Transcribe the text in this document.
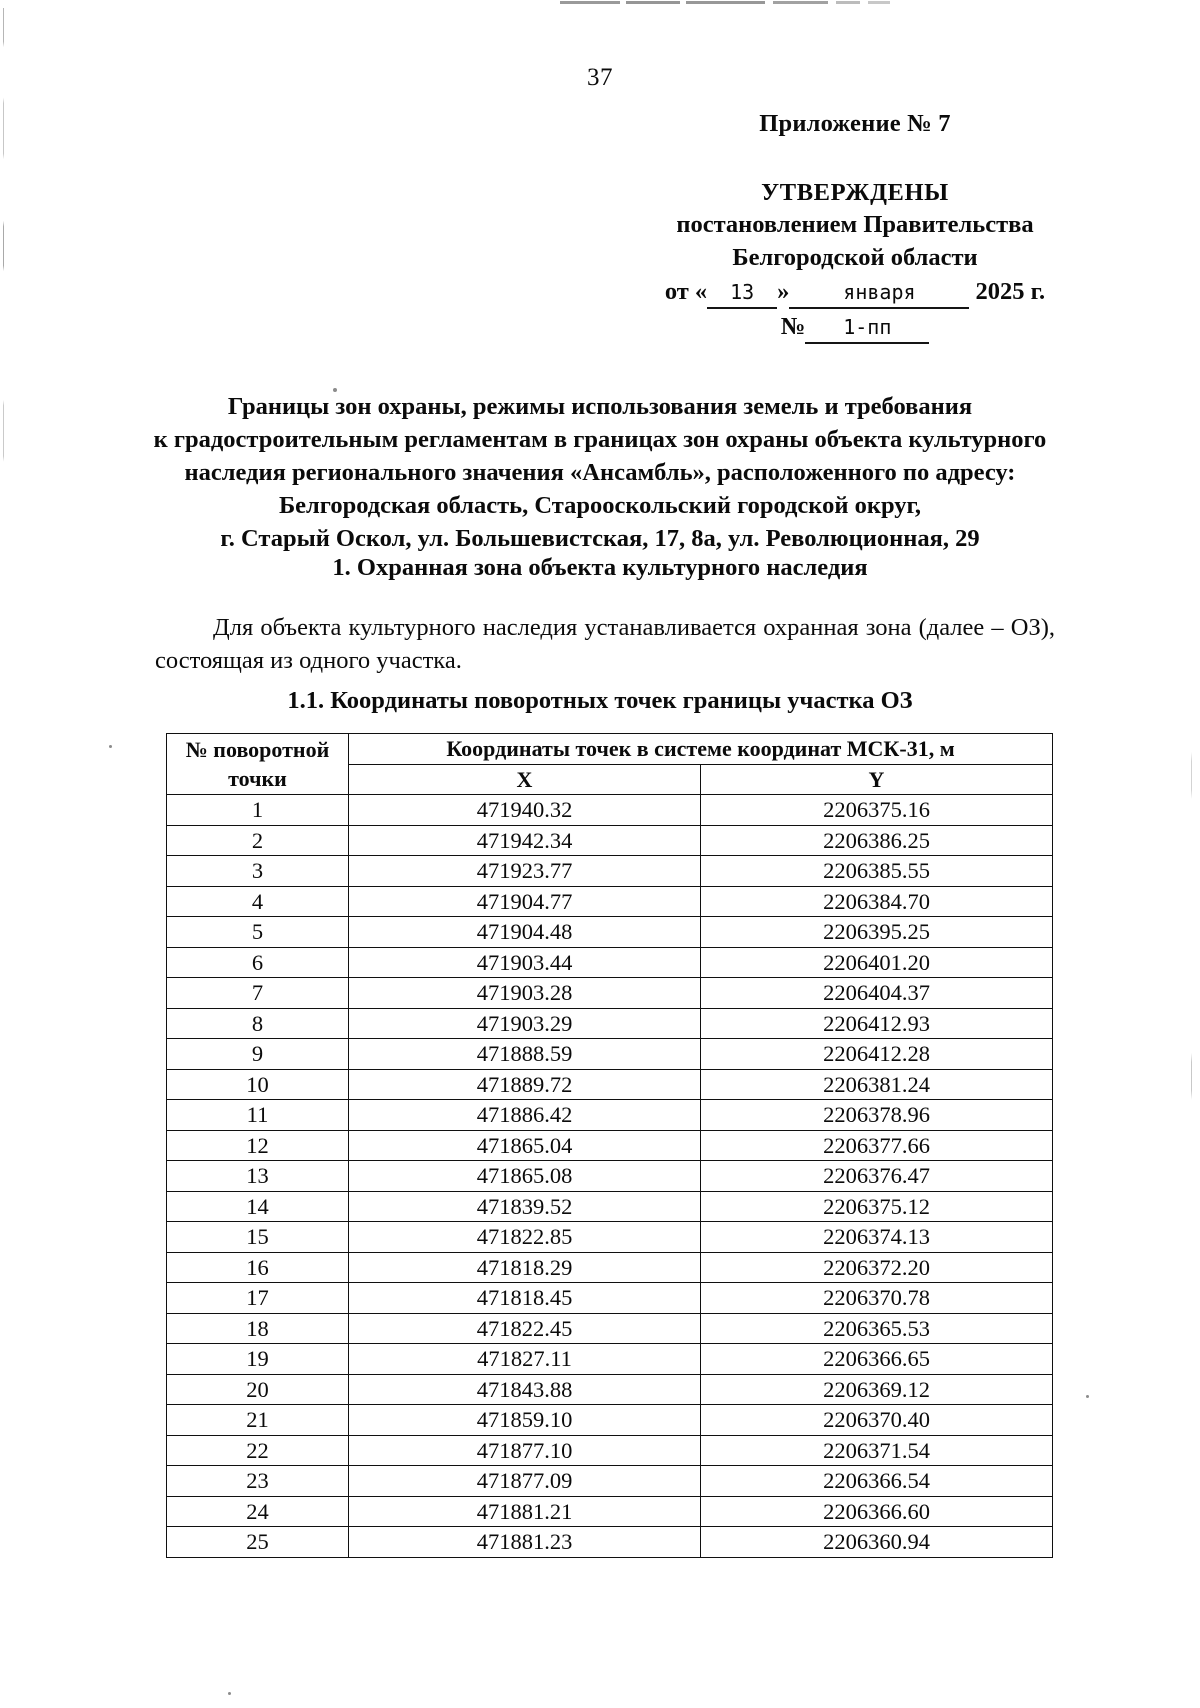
37
Приложение № 7
УТВЕРЖДЕНЫ
постановлением Правительства
Белгородской области
от « 13 »	января 2025 г.
№ 1-пп
Границы зон охраны, режимы использования земель и требования
к градостроительным регламентам в границах зон охраны объекта культурного
наследия регионального значения «Ансамбль», расположенного по адресу:
Белгородская область, Старооскольский городской округ,
г. Старый Оскол, ул. Большевистская, 17, 8а, ул. Революционная, 29
1. Охранная зона объекта культурного наследия
Для объекта культурного наследия устанавливается охранная зона (далее – ОЗ), состоящая из одного участка.
1.1. Координаты поворотных точек границы участка ОЗ
№ поворотной точки	Координаты точек в системе координат МСК-31, м	
	X	Y
1	471940.32	2206375.16
2	471942.34	2206386.25
3	471923.77	2206385.55
4	471904.77	2206384.70
5	471904.48	2206395.25
6	471903.44	2206401.20
7	471903.28	2206404.37
8	471903.29	2206412.93
9	471888.59	2206412.28
10	471889.72	2206381.24
11	471886.42	2206378.96
12	471865.04	2206377.66
13	471865.08	2206376.47
14	471839.52	2206375.12
15	471822.85	2206374.13
16	471818.29	2206372.20
17	471818.45	2206370.78
18	471822.45	2206365.53
19	471827.11	2206366.65
20	471843.88	2206369.12
21	471859.10	2206370.40
22	471877.10	2206371.54
23	471877.09	2206366.54
24	471881.21	2206366.60
25	471881.23	2206360.94
